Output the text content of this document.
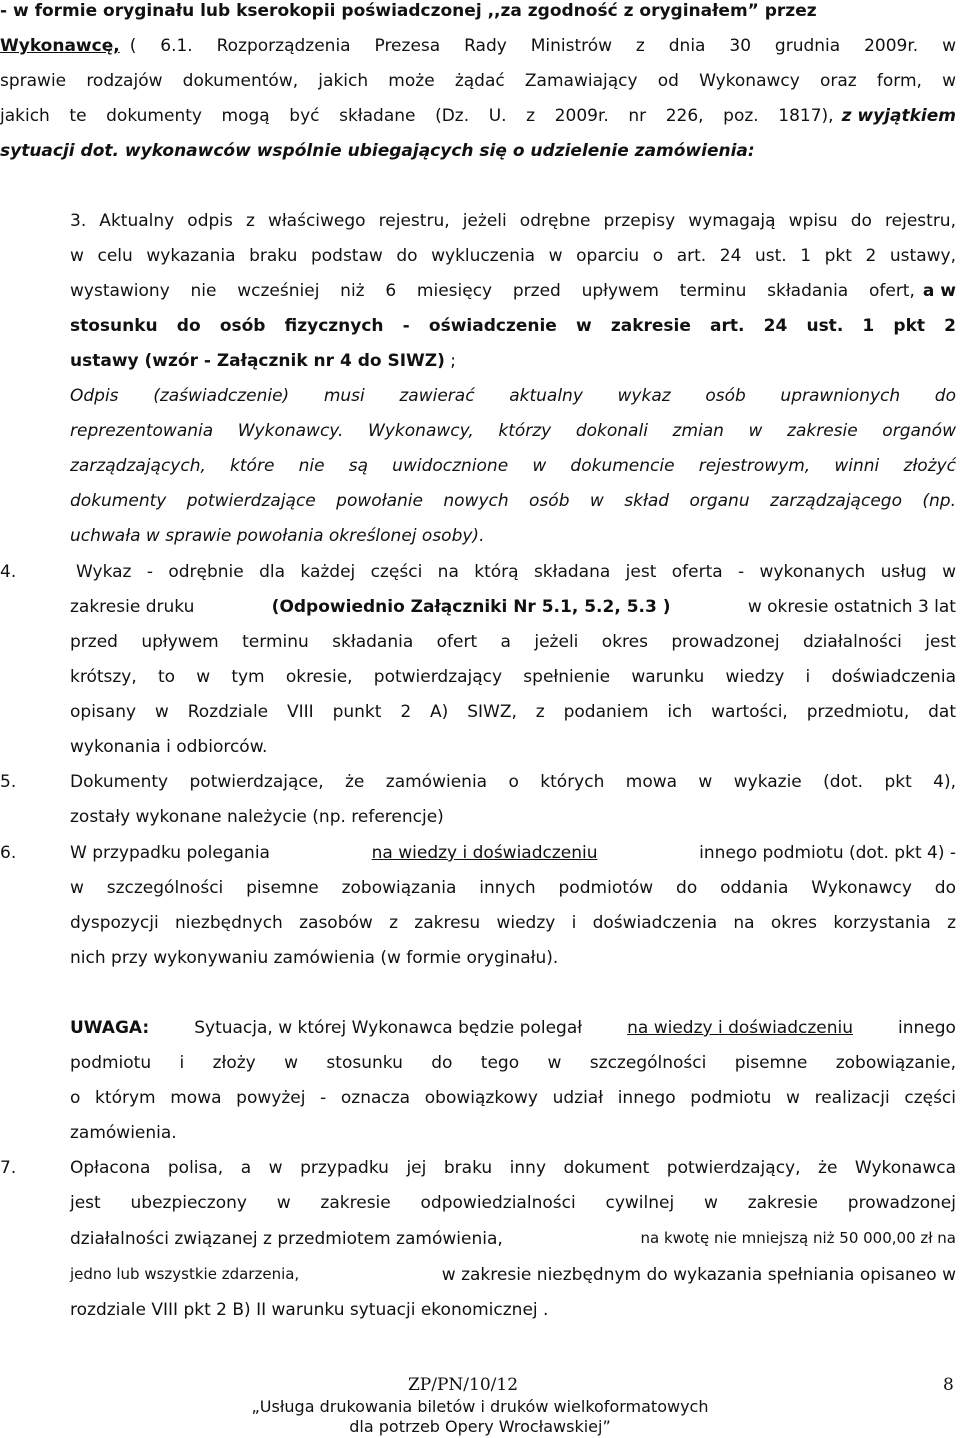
- w formie oryginału lub kserokopii poświadczonej ,,za zgodność z oryginałem” przez
Wykonawcę, ( 6.1. Rozporządzenia Prezesa Rady Ministrów z dnia 30 grudnia 2009r. w
sprawie rodzajów dokumentów, jakich może żądać Zamawiający od Wykonawcy oraz form, w
jakich te dokumenty mogą być składane (Dz. U. z 2009r. nr 226, poz. 1817), z wyjątkiem
sytuacji dot. wykonawców wspólnie ubiegających się o udzielenie zamówienia:
3. Aktualny odpis z właściwego rejestru, jeżeli odrębne przepisy wymagają wpisu do rejestru,
w celu wykazania braku podstaw do wykluczenia w oparciu o art. 24 ust. 1 pkt 2 ustawy,
wystawiony nie wcześniej niż 6 miesięcy przed upływem terminu składania ofert, a w
stosunku do osób fizycznych - oświadczenie w zakresie art. 24 ust. 1 pkt 2
ustawy (wzór - Załącznik nr 4 do SIWZ) ;
Odpis (zaświadczenie) musi zawierać aktualny wykaz osób uprawnionych do
reprezentowania Wykonawcy. Wykonawcy, którzy dokonali zmian w zakresie organów
zarządzających, które nie są uwidocznione w dokumencie rejestrowym, winni złożyć
dokumenty potwierdzające powołanie nowych osób w skład organu zarządzającego (np.
uchwała w sprawie powołania określonej osoby).
4.	Wykaz - odrębnie dla każdej części na którą składana jest oferta - wykonanych usług w
zakresie druku	(Odpowiednio Załączniki Nr 5.1, 5.2, 5.3 )	w okresie ostatnich 3 lat
przed upływem terminu składania ofert a jeżeli okres prowadzonej działalności jest
krótszy, to w tym okresie, potwierdzający spełnienie warunku wiedzy i doświadczenia
opisany w Rozdziale VIII punkt 2 A) SIWZ, z podaniem ich wartości, przedmiotu, dat
wykonania i odbiorców.
5.	Dokumenty potwierdzające, że zamówienia o których mowa w wykazie (dot. pkt 4),
zostały wykonane należycie (np. referencje)
6.	W przypadku polegania	na wiedzy i doświadczeniu	innego podmiotu (dot. pkt 4) -
w szczególności pisemne zobowiązania innych podmiotów do oddania Wykonawcy do
dyspozycji niezbędnych zasobów z zakresu wiedzy i doświadczenia na okres korzystania z
nich przy wykonywaniu zamówienia (w formie oryginału).
UWAGA:	Sytuacja, w której Wykonawca będzie polegał	na wiedzy i doświadczeniu	innego
podmiotu i złoży w stosunku do tego w szczególności pisemne zobowiązanie,
o którym mowa powyżej - oznacza obowiązkowy udział innego podmiotu w realizacji części
zamówienia.
7.	Opłacona polisa, a w przypadku jej braku inny dokument potwierdzający, że Wykonawca
jest ubezpieczony w zakresie odpowiedzialności cywilnej w zakresie prowadzonej
działalności związanej z przedmiotem zamówienia,	na kwotę nie mniejszą niż 50 000,00 zł na
jedno lub wszystkie zdarzenia,	w zakresie niezbędnym do wykazania spełniania opisaneo w
rozdziale VIII pkt 2 B) II warunku sytuacji ekonomicznej .
ZP/PN/10/12	8
„Usługa drukowania biletów i druków wielkoformatowych
dla potrzeb Opery Wrocławskiej”
